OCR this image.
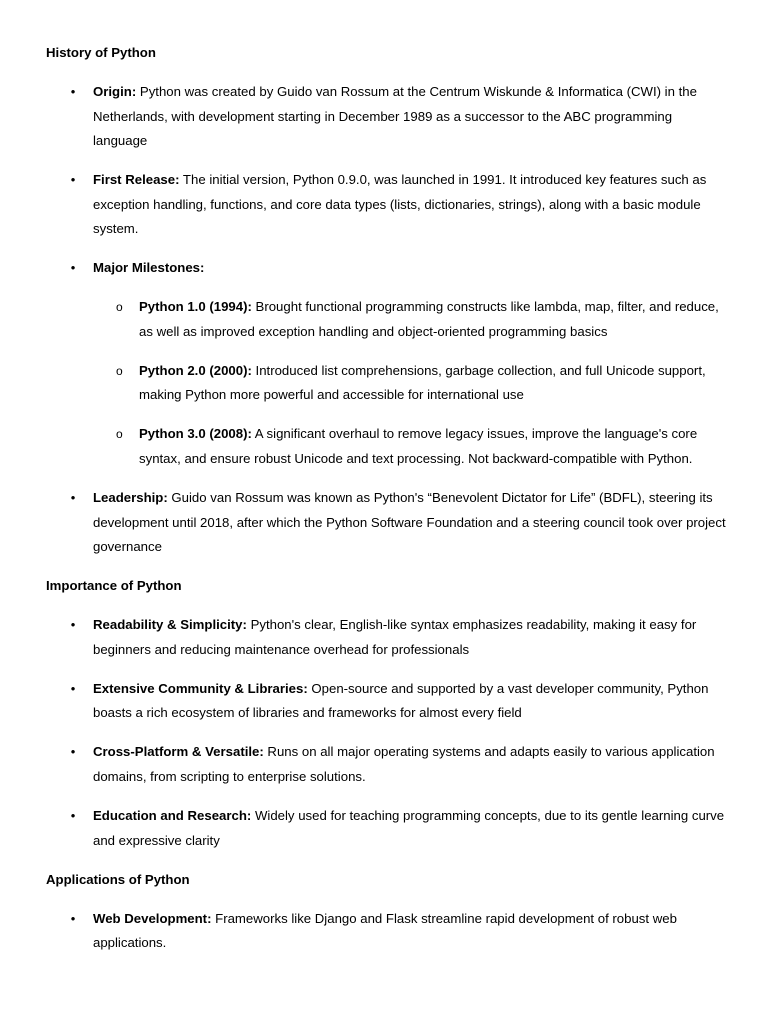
History of Python
• Origin: Python was created by Guido van Rossum at the Centrum Wiskunde & Informatica (CWI) in the Netherlands, with development starting in December 1989 as a successor to the ABC programming language
• First Release: The initial version, Python 0.9.0, was launched in 1991. It introduced key features such as exception handling, functions, and core data types (lists, dictionaries, strings), along with a basic module system.
• Major Milestones:
o Python 1.0 (1994): Brought functional programming constructs like lambda, map, filter, and reduce, as well as improved exception handling and object-oriented programming basics
o Python 2.0 (2000): Introduced list comprehensions, garbage collection, and full Unicode support, making Python more powerful and accessible for international use
o Python 3.0 (2008): A significant overhaul to remove legacy issues, improve the language's core syntax, and ensure robust Unicode and text processing. Not backward-compatible with Python.
• Leadership: Guido van Rossum was known as Python's “Benevolent Dictator for Life” (BDFL), steering its development until 2018, after which the Python Software Foundation and a steering council took over project governance
Importance of Python
• Readability & Simplicity: Python's clear, English-like syntax emphasizes readability, making it easy for beginners and reducing maintenance overhead for professionals
• Extensive Community & Libraries: Open-source and supported by a vast developer community, Python boasts a rich ecosystem of libraries and frameworks for almost every field
• Cross-Platform & Versatile: Runs on all major operating systems and adapts easily to various application domains, from scripting to enterprise solutions.
• Education and Research: Widely used for teaching programming concepts, due to its gentle learning curve and expressive clarity
Applications of Python
• Web Development: Frameworks like Django and Flask streamline rapid development of robust web applications.
